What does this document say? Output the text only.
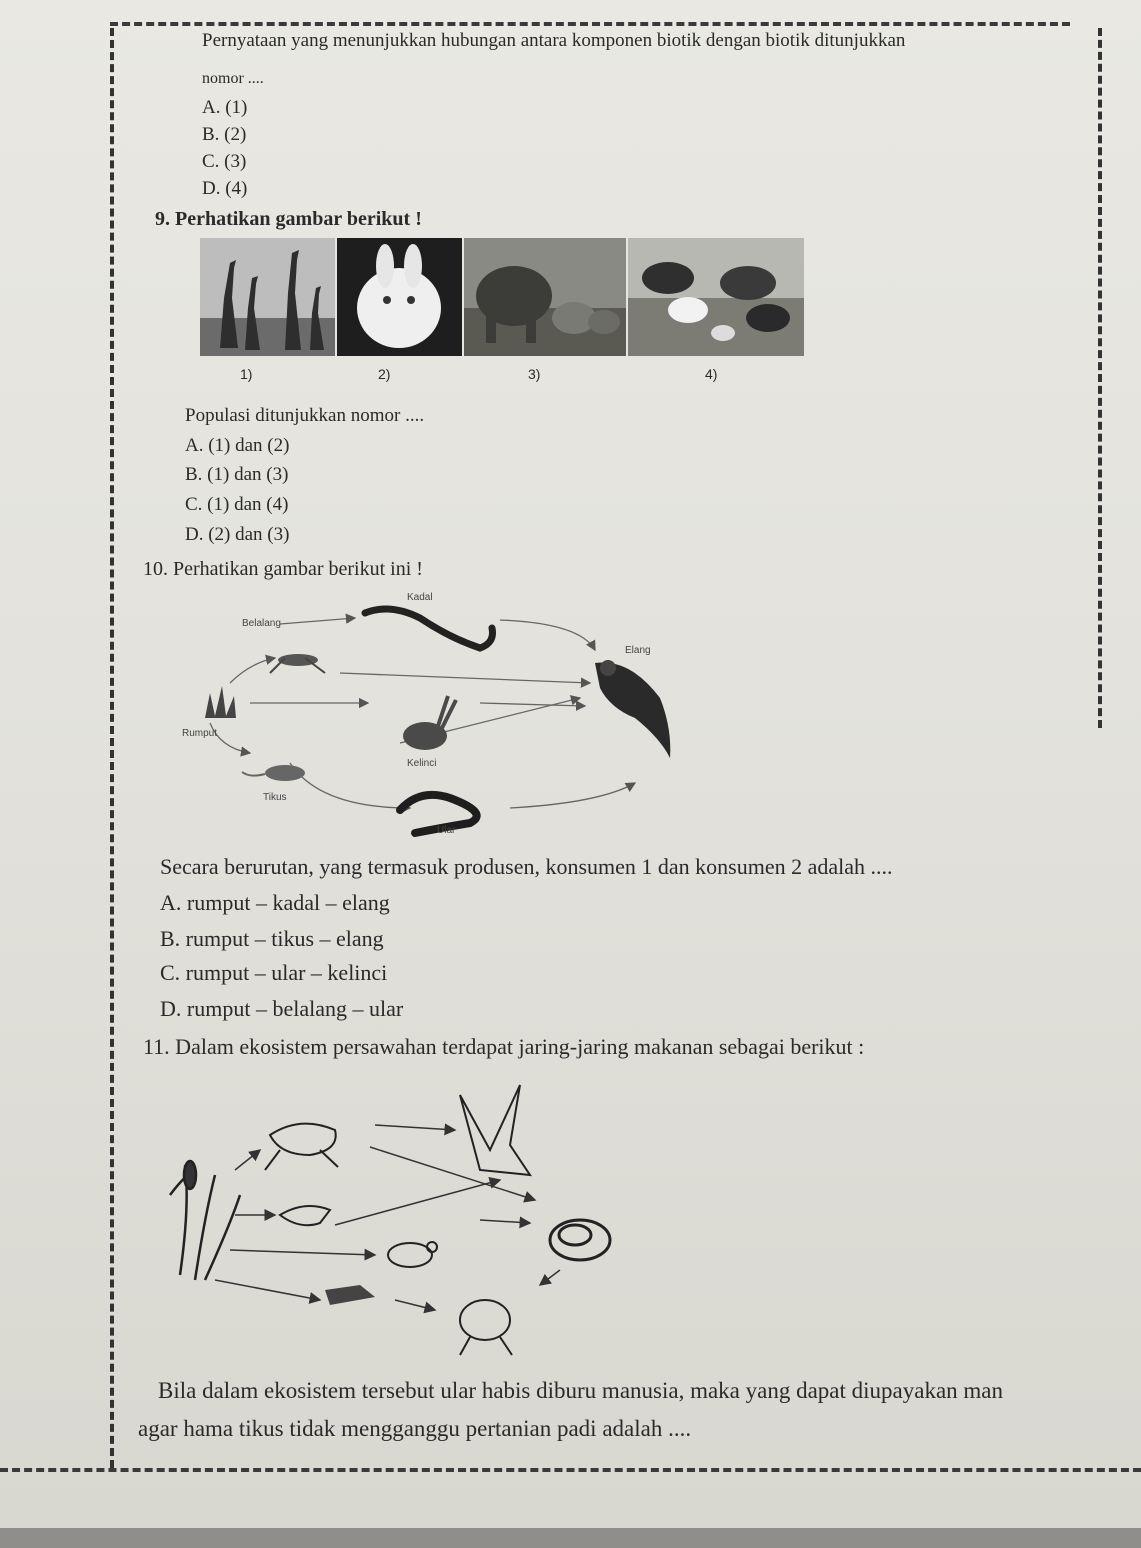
Pernyataan yang menunjukkan hubungan antara komponen biotik dengan biotik ditunjukkan
nomor ....
A. (1)
B. (2)
C. (3)
D. (4)
9. Perhatikan gambar berikut !
1)	2)	3)	4)
Populasi ditunjukkan nomor ....
A. (1) dan (2)
B. (1) dan (3)
C. (1) dan (4)
D. (2) dan (3)
10. Perhatikan gambar berikut ini !
Kadal
Belalang
Elang
Rumput
Kelinci
Tikus
Ular
Secara berurutan, yang termasuk produsen, konsumen 1 dan konsumen 2 adalah ....
A. rumput – kadal – elang
B. rumput – tikus – elang
C. rumput – ular – kelinci
D. rumput – belalang – ular
11. Dalam ekosistem persawahan terdapat jaring-jaring makanan sebagai berikut :
Bila dalam ekosistem tersebut ular habis diburu manusia, maka yang dapat diupayakan man
agar hama tikus tidak mengganggu pertanian padi adalah ....
